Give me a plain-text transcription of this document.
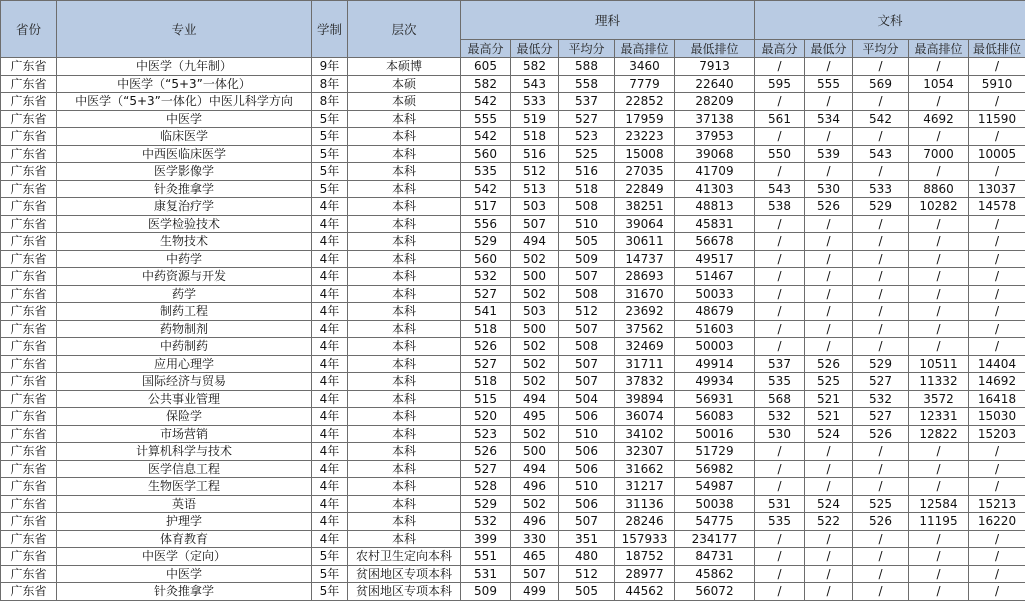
省份	专业	学制	层次	理科					文科				
				最高分	最低分	平均分	最高排位	最低排位	最高分	最低分	平均分	最高排位	最低排位
广东省	中医学（九年制）	9年	本硕博	605	582	588	3460	7913	/	/	/	/	/
广东省	中医学（“5+3”一体化）	8年	本硕	582	543	558	7779	22640	595	555	569	1054	5910
广东省	中医学（“5+3”一体化）中医儿科学方向	8年	本硕	542	533	537	22852	28209	/	/	/	/	/
广东省	中医学	5年	本科	555	519	527	17959	37138	561	534	542	4692	11590
广东省	临床医学	5年	本科	542	518	523	23223	37953	/	/	/	/	/
广东省	中西医临床医学	5年	本科	560	516	525	15008	39068	550	539	543	7000	10005
广东省	医学影像学	5年	本科	535	512	516	27035	41709	/	/	/	/	/
广东省	针灸推拿学	5年	本科	542	513	518	22849	41303	543	530	533	8860	13037
广东省	康复治疗学	4年	本科	517	503	508	38251	48813	538	526	529	10282	14578
广东省	医学检验技术	4年	本科	556	507	510	39064	45831	/	/	/	/	/
广东省	生物技术	4年	本科	529	494	505	30611	56678	/	/	/	/	/
广东省	中药学	4年	本科	560	502	509	14737	49517	/	/	/	/	/
广东省	中药资源与开发	4年	本科	532	500	507	28693	51467	/	/	/	/	/
广东省	药学	4年	本科	527	502	508	31670	50033	/	/	/	/	/
广东省	制药工程	4年	本科	541	503	512	23692	48679	/	/	/	/	/
广东省	药物制剂	4年	本科	518	500	507	37562	51603	/	/	/	/	/
广东省	中药制药	4年	本科	526	502	508	32469	50003	/	/	/	/	/
广东省	应用心理学	4年	本科	527	502	507	31711	49914	537	526	529	10511	14404
广东省	国际经济与贸易	4年	本科	518	502	507	37832	49934	535	525	527	11332	14692
广东省	公共事业管理	4年	本科	515	494	504	39894	56931	568	521	532	3572	16418
广东省	保险学	4年	本科	520	495	506	36074	56083	532	521	527	12331	15030
广东省	市场营销	4年	本科	523	502	510	34102	50016	530	524	526	12822	15203
广东省	计算机科学与技术	4年	本科	526	500	506	32307	51729	/	/	/	/	/
广东省	医学信息工程	4年	本科	527	494	506	31662	56982	/	/	/	/	/
广东省	生物医学工程	4年	本科	528	496	510	31217	54987	/	/	/	/	/
广东省	英语	4年	本科	529	502	506	31136	50038	531	524	525	12584	15213
广东省	护理学	4年	本科	532	496	507	28246	54775	535	522	526	11195	16220
广东省	体育教育	4年	本科	399	330	351	157933	234177	/	/	/	/	/
广东省	中医学（定向）	5年	农村卫生定向本科	551	465	480	18752	84731	/	/	/	/	/
广东省	中医学	5年	贫困地区专项本科	531	507	512	28977	45862	/	/	/	/	/
广东省	针灸推拿学	5年	贫困地区专项本科	509	499	505	44562	56072	/	/	/	/	/
